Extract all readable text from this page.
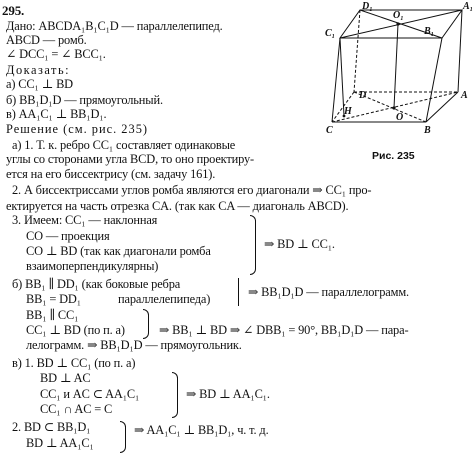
295.
Дано: ABCDA₁B₁C₁D — параллелепипед.
ABCD — ромб.
∠ DCC₁ = ∠ BCC₁.
Доказать:
а) CC₁ ⊥ BD
б) BB₁D₁D — прямоугольный.
в) AA₁C₁ ⊥ BB₁D₁.
Решение (см. рис. 235)
а) 1. Т. к. ребро CC₁ составляет одинаковые
углы со сторонами угла BCD, то оно проектиру-
ется на его биссектрису (см. задачу 161).
2. А биссектрисcами углов ромба являются его диагонали ⇒ CC₁ про-
ектируется на часть отрезка CA. (так как CA — диагональ ABCD).
3. Имеем: CC₁ — наклонная
CO — проекция
CO ⊥ BD (так как диагонали ромба
взаимоперпендикулярны)
⇒ BD ⊥ CC₁.
б) BB₁ ∥ DD₁ (как боковые ребра
BB₁ = DD₁	параллелепипеда)	⇒ BB₁D₁D — параллелограмм.
BB₁ ∥ CC₁
CC₁ ⊥ BD (по п. а)	⇒ BB₁ ⊥ BD ⇒ ∠ DBB₁ = 90°, BB₁D₁D — пара-
лелограмм. ⇒ BB₁D₁D — прямоугольник.
в) 1. BD ⊥ CC₁ (по п. а)
BD ⊥ AC
CC₁ и AC ⊂ AA₁C₁
CC₁ ∩ AC = C
⇒ BD ⊥ AA₁C₁.
2. BD ⊂ BB₁D₁
BD ⊥ AA₁C₁
⇒ AA₁C₁ ⊥ BB₁D₁, ч. т. д.
D₁
O₁
A₁
C₁	B₁
D
H
O
A
C	B
Рис. 235
